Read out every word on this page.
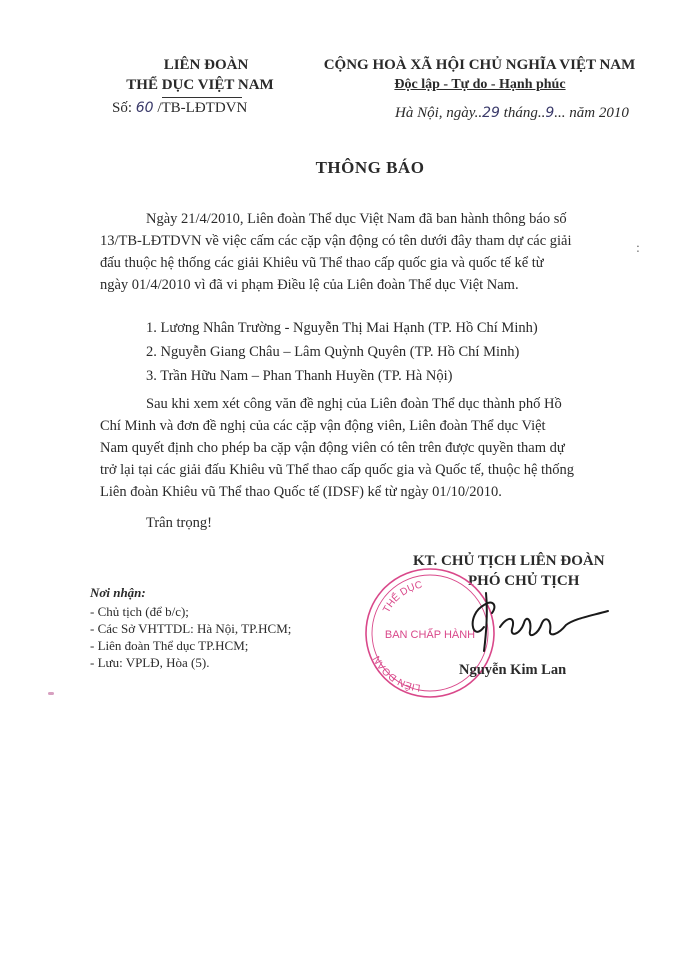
LIÊN ĐOÀN
THỂ DỤC VIỆT NAM
Số: 60 /TB-LĐTDVN
CỘNG HOÀ XÃ HỘI CHỦ NGHĨA VIỆT NAM
Độc lập - Tự do - Hạnh phúc
Hà Nội, ngày..29 tháng..9... năm 2010
THÔNG BÁO
Ngày 21/4/2010, Liên đoàn Thể dục Việt Nam đã ban hành thông báo số
13/TB-LĐTDVN về việc cấm các cặp vận động có tên dưới đây tham dự các giải
đấu thuộc hệ thống các giải Khiêu vũ Thể thao cấp quốc gia và quốc tế kể từ
ngày 01/4/2010 vì đã vi phạm Điều lệ của Liên đoàn Thể dục Việt Nam.
1. Lương Nhân Trường - Nguyễn Thị Mai Hạnh (TP. Hồ Chí Minh)
2. Nguyễn Giang Châu – Lâm Quỳnh Quyên (TP. Hồ Chí Minh)
3. Trần Hữu Nam – Phan Thanh Huyền (TP. Hà Nội)
Sau khi xem xét công văn đề nghị của Liên đoàn Thể dục thành phố Hồ
Chí Minh và đơn đề nghị của các cặp vận động viên, Liên đoàn Thể dục Việt
Nam quyết định cho phép ba cặp vận động viên có tên trên được quyền tham dự
trở lại tại các giải đấu Khiêu vũ Thể thao cấp quốc gia và Quốc tế, thuộc hệ thống
Liên đoàn Khiêu vũ Thể thao Quốc tế (IDSF) kể từ ngày 01/10/2010.
Trân trọng!
KT. CHỦ TỊCH LIÊN ĐOÀN
PHÓ CHỦ TỊCH
THỂ DỤC
LIÊN ĐOÀN
BAN CHẤP HÀNH
Nguyễn Kim Lan
Nơi nhận:
- Chủ tịch (để b/c);
- Các Sở VHTTDL: Hà Nội, TP.HCM;
- Liên đoàn Thể dục TP.HCM;
- Lưu: VPLĐ, Hòa (5).
:
